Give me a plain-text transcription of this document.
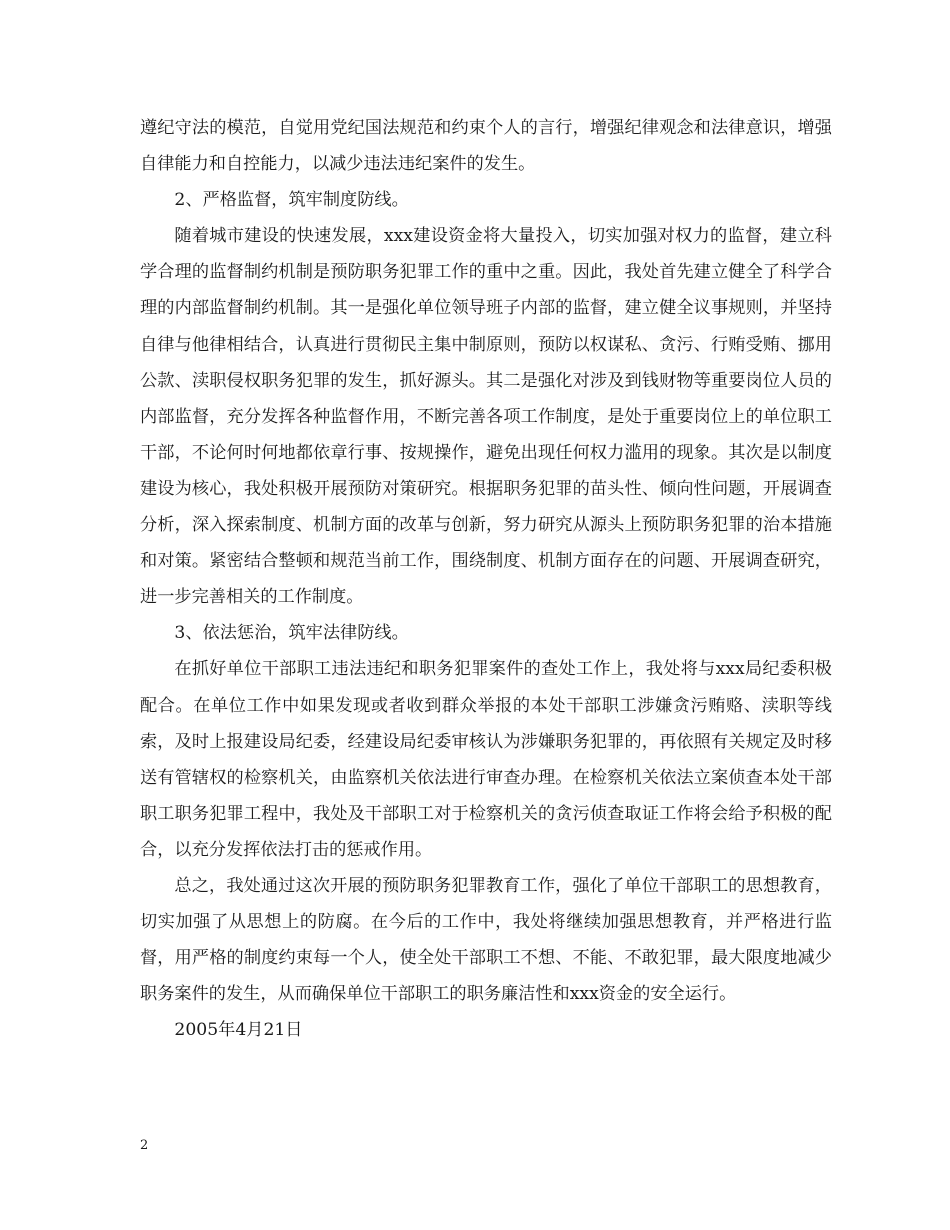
遵纪守法的模范，自觉用党纪国法规范和约束个人的言行，增强纪律观念和法律意识，增强自律能力和自控能力，以减少违法违纪案件的发生。

2、严格监督，筑牢制度防线。

随着城市建设的快速发展，xxx建设资金将大量投入，切实加强对权力的监督，建立科学合理的监督制约机制是预防职务犯罪工作的重中之重。因此，我处首先建立健全了科学合理的内部监督制约机制。其一是强化单位领导班子内部的监督，建立健全议事规则，并坚持自律与他律相结合，认真进行贯彻民主集中制原则，预防以权谋私、贪污、行贿受贿、挪用公款、渎职侵权职务犯罪的发生，抓好源头。其二是强化对涉及到钱财物等重要岗位人员的内部监督，充分发挥各种监督作用，不断完善各项工作制度，是处于重要岗位上的单位职工干部，不论何时何地都依章行事、按规操作，避免出现任何权力滥用的现象。其次是以制度建设为核心，我处积极开展预防对策研究。根据职务犯罪的苗头性、倾向性问题，开展调查分析，深入探索制度、机制方面的改革与创新，努力研究从源头上预防职务犯罪的治本措施和对策。紧密结合整顿和规范当前工作，围绕制度、机制方面存在的问题、开展调查研究，进一步完善相关的工作制度。

3、依法惩治，筑牢法律防线。

在抓好单位干部职工违法违纪和职务犯罪案件的查处工作上，我处将与xxx局纪委积极配合。在单位工作中如果发现或者收到群众举报的本处干部职工涉嫌贪污贿赂、渎职等线索，及时上报建设局纪委，经建设局纪委审核认为涉嫌职务犯罪的，再依照有关规定及时移送有管辖权的检察机关，由监察机关依法进行审查办理。在检察机关依法立案侦查本处干部职工职务犯罪工程中，我处及干部职工对于检察机关的贪污侦查取证工作将会给予积极的配合，以充分发挥依法打击的惩戒作用。

总之，我处通过这次开展的预防职务犯罪教育工作，强化了单位干部职工的思想教育，切实加强了从思想上的防腐。在今后的工作中，我处将继续加强思想教育，并严格进行监督，用严格的制度约束每一个人，使全处干部职工不想、不能、不敢犯罪，最大限度地减少职务案件的发生，从而确保单位干部职工的职务廉洁性和xxx资金的安全运行。

2005年4月21日

2
